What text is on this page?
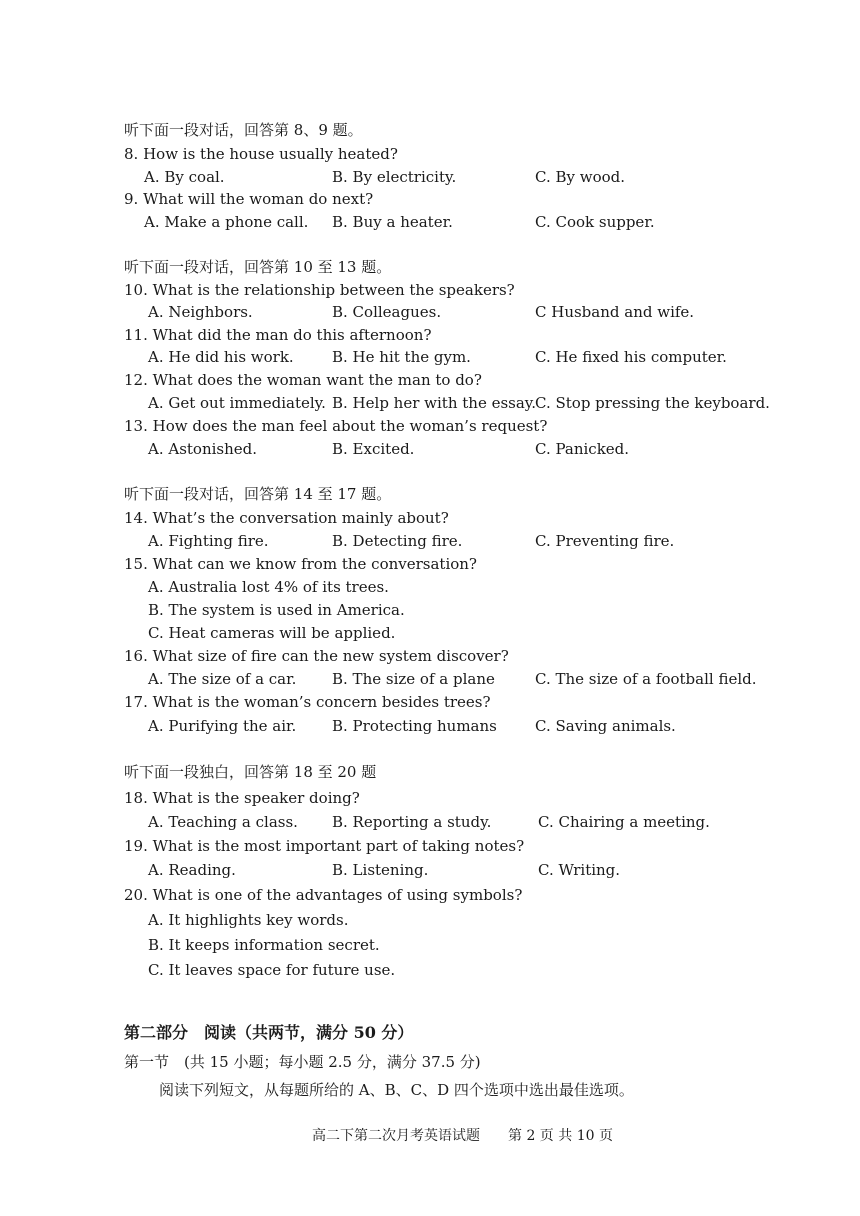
听下面一段对话，回答第 8、9 题。
8. How is the house usually heated?
A. By coal.	B. By electricity.	C. By wood.
9. What will the woman do next?
A. Make a phone call. B. Buy a heater.	C. Cook supper.
听下面一段对话，回答第 10 至 13 题。
10. What is the relationship between the speakers?
A. Neighbors.	B. Colleagues.	C Husband and wife.
11. What did the man do this afternoon?
A. He did his work.	B. He hit the gym.	C. He fixed his computer.
12. What does the woman want the man to do?
A. Get out immediately. B. Help her with the essay.
C. Stop pressing the keyboard.
13. How does the man feel about the woman’s request?
A. Astonished.	B. Excited.	C. Panicked.
听下面一段对话，回答第 14 至 17 题。
14. What’s the conversation mainly about?
A. Fighting fire.	B. Detecting fire.	C. Preventing fire.
15. What can we know from the conversation?
A. Australia lost 4% of its trees.
B. The system is used in America.
C. Heat cameras will be applied.
16. What size of fire can the new system discover?
A. The size of a car. B. The size of a plane	C. The size of a football field.
17. What is the woman’s concern besides trees?
A. Purifying the air. B. Protecting humans	C. Saving animals.
听下面一段独白，回答第 18 至 20 题
18. What is the speaker doing?
A. Teaching a class. B. Reporting a study.	C. Chairing a meeting.
19. What is the most important part of taking notes?
A. Reading.	B. Listening.	C. Writing.
20. What is one of the advantages of using symbols?
A. It highlights key words.
B. It keeps information secret.
C. It leaves space for future use.
第二部分　阅读（共两节，满分 50 分）
第一节　(共 15 小题；每小题 2.5 分，满分 37.5 分)
阅读下列短文，从每题所给的 A、B、C、D 四个选项中选出最佳选项。
高二下第二次月考英语试题　　第 2 页 共 10 页
